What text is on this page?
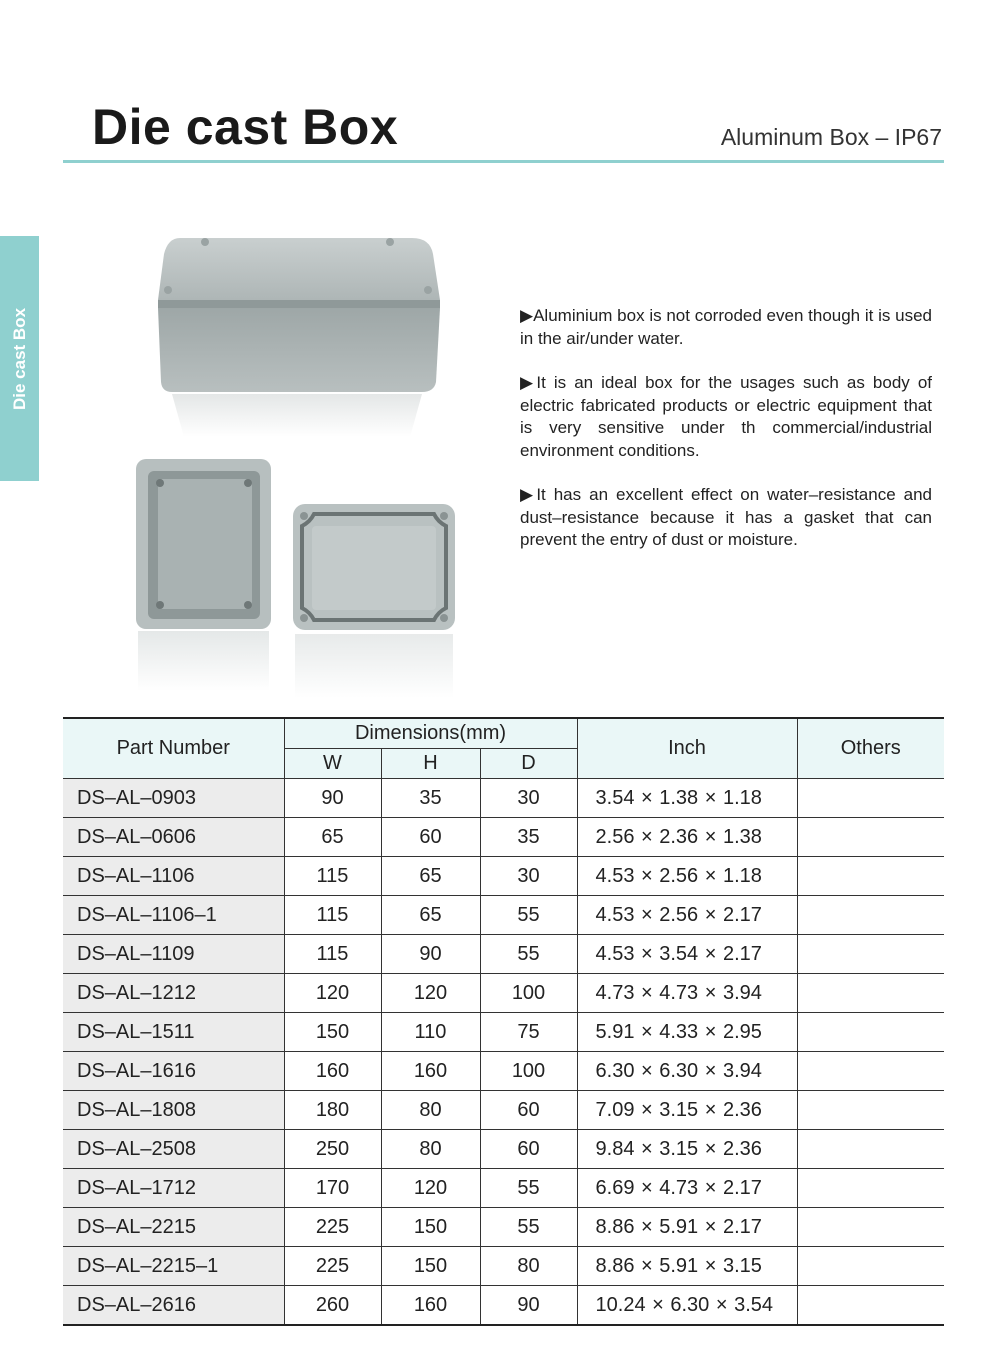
Die cast Box	Aluminum Box – IP67
Die cast Box	▶Aluminium box is not corroded even though it is used in the air/under water.

▶It is an ideal box for the usages such as body of electric fabricated products or electric equipment that is very sensitive under th commercial/industrial environment conditions.

▶It has an excellent effect on water–resistance and dust–resistance because it has a gasket that can prevent the entry of dust or moisture.

Part Number	Dimensions(mm)			Inch	Others
	W	H	D		
DS–AL–0903	90	35	30	3.54 × 1.38 × 1.18	
DS–AL–0606	65	60	35	2.56 × 2.36 × 1.38	
DS–AL–1106	115	65	30	4.53 × 2.56 × 1.18	
DS–AL–1106–1	115	65	55	4.53 × 2.56 × 2.17	
DS–AL–1109	115	90	55	4.53 × 3.54 × 2.17	
DS–AL–1212	120	120	100	4.73 × 4.73 × 3.94	
DS–AL–1511	150	110	75	5.91 × 4.33 × 2.95	
DS–AL–1616	160	160	100	6.30 × 6.30 × 3.94	
DS–AL–1808	180	80	60	7.09 × 3.15 × 2.36	
DS–AL–2508	250	80	60	9.84 × 3.15 × 2.36	
DS–AL–1712	170	120	55	6.69 × 4.73 × 2.17	
DS–AL–2215	225	150	55	8.86 × 5.91 × 2.17	
DS–AL–2215–1	225	150	80	8.86 × 5.91 × 3.15	
DS–AL–2616	260	160	90	10.24 × 6.30 × 3.54	
